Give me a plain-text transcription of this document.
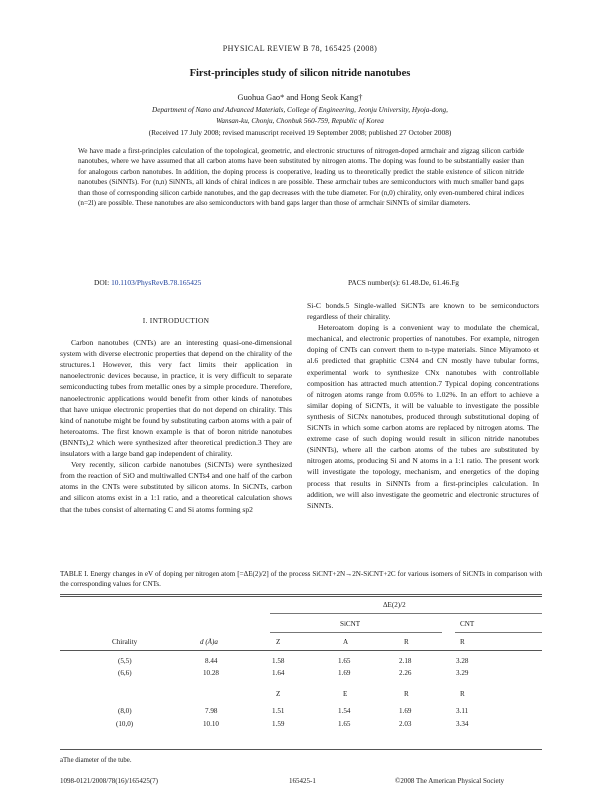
PHYSICAL REVIEW B 78, 165425 (2008)
First-principles study of silicon nitride nanotubes
Guohua Gao* and Hong Seok Kang†
Department of Nano and Advanced Materials, College of Engineering, Jeonju University, Hyoja-dong,
Wansan-ku, Chonju, Chonbuk 560-759, Republic of Korea
(Received 17 July 2008; revised manuscript received 19 September 2008; published 27 October 2008)
We have made a first-principles calculation of the topological, geometric, and electronic structures of nitrogen-doped armchair and zigzag silicon carbide nanotubes, where we have assumed that all carbon atoms have been substituted by nitrogen atoms. The doping was found to be substantially easier than for analogous carbon nanotubes. In addition, the doping process is cooperative, leading us to theoretically predict the stable existence of silicon nitride nanotubes (SiNNTs). For (n,n) SiNNTs, all kinds of chiral indices n are possible. These armchair tubes are semiconductors with much smaller band gaps than those of corresponding silicon carbide nanotubes, and the gap decreases with the tube diameter. For (n,0) chirality, only even-numbered chiral indices (n=2l) are possible. These nanotubes are also semiconductors with band gaps larger than those of armchair SiNNTs of similar diameters.
DOI: 10.1103/PhysRevB.78.165425	PACS number(s): 61.48.De, 61.46.Fg
I. INTRODUCTION

Carbon nanotubes (CNTs) are an interesting quasi-one-dimensional system with diverse electronic properties that depend on the chirality of the structures.1 However, this very fact limits their application in nanoelectronic devices because, in practice, it is very difficult to separate semiconducting tubes from metallic ones by a simple procedure. Therefore, nanoelectronic applications would benefit from other kinds of nanotubes that have unique electronic properties that do not depend on chirality. This kind of nanotube might be found by substituting carbon atoms with a pair of heteroatoms. The first known example is that of boron nitride nanotubes (BNNTs),2 which were synthesized after theoretical prediction.3 They are insulators with a large band gap independent of chirality.

Very recently, silicon carbide nanotubes (SiCNTs) were synthesized from the reaction of SiO and multiwalled CNTs4 and one half of the carbon atoms in the CNTs were substituted by silicon atoms. In SiCNTs, carbon and silicon atoms exist in a 1:1 ratio, and a theoretical calculation shows that the tubes consist of alternating C and Si atoms forming sp2

Si-C bonds.5 Single-walled SiCNTs are known to be semiconductors regardless of their chirality.

Heteroatom doping is a convenient way to modulate the chemical, mechanical, and electronic properties of nanotubes. For example, nitrogen doping of CNTs can convert them to n-type materials. Since Miyamoto et al.6 predicted that graphitic C3N4 and CN mostly have tubular forms, experimental work to synthesize CNx nanotubes with controllable composition has attracted much attention.7 Typical doping concentrations of nitrogen atoms range from 0.05% to 1.02%. In an effort to achieve a similar doping of SiCNTs, it will be valuable to investigate the possible synthesis of SiCNx nanotubes, produced through substitutional doping of SiCNTs in which some carbon atoms are replaced by nitrogen atoms. The extreme case of such doping would result in silicon nitride nanotubes (SiNNTs), where all the carbon atoms of the tubes are substituted by nitrogen atoms, producing Si and N atoms in a 1:1 ratio. The present work will investigate the topology, mechanism, and energetics of the doping process that results in SiNNTs from a first-principles calculation. In addition, we will also investigate the geometric and electronic structures of SiNNTs.

TABLE I. Energy changes in eV of doping per nitrogen atom [=ΔE(2)/2] of the process SiCNT+2N→2N-SiCNT+2C for various isomers of SiCNTs in comparison with the corresponding values for CNTs.
ΔE(2)/2
SiCNT	CNT
Z	A	R	R
Chirality	d (Å)a
(5,5)	8.44	1.58	1.65	2.18	3.28
(6,6)	10.28	1.64	1.69	2.26	3.29
Z	E	R	R
(8,0)	7.98	1.51	1.54	1.69	3.11
(10,0)	10.10	1.59	1.65	2.03	3.34
aThe diameter of the tube.
1098-0121/2008/78(16)/165425(7)	165425-1	©2008 The American Physical Society
